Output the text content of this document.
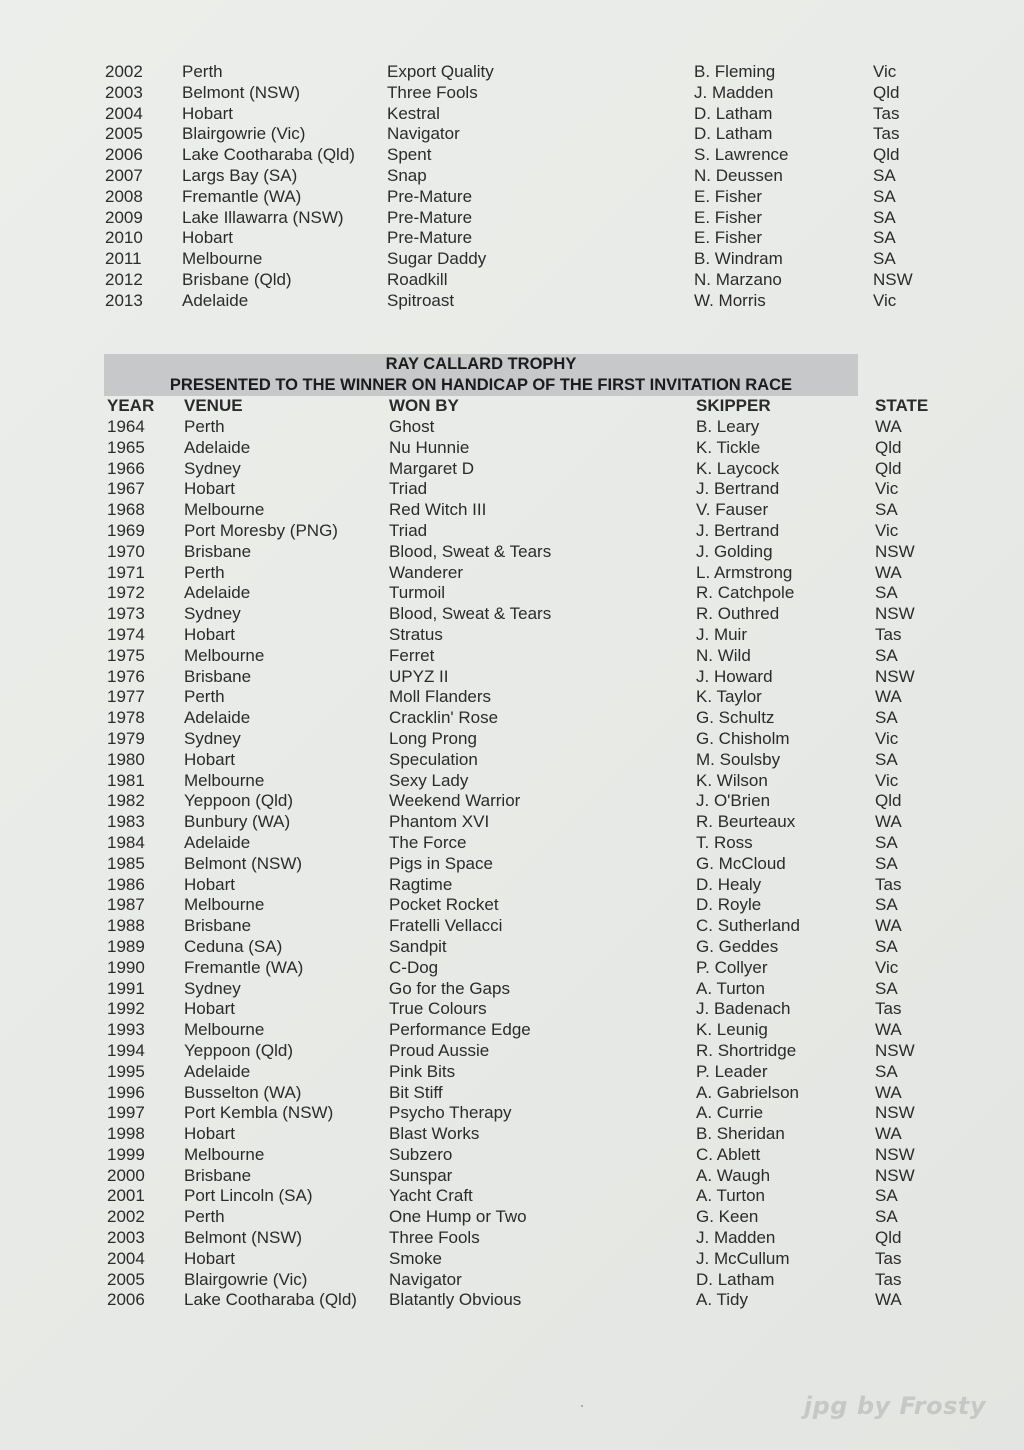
2002 Perth	Export Quality	B. Fleming	Vic
2003 Belmont (NSW)	Three Fools	J. Madden	Qld
2004 Hobart	Kestral	D. Latham	Tas
2005 Blairgowrie (Vic)	Navigator	D. Latham	Tas
2006 Lake Cootharaba (Qld) Spent	S. Lawrence	Qld
2007 Largs Bay (SA)	Snap	N. Deussen	SA
2008 Fremantle (WA)	Pre-Mature	E. Fisher	SA
2009 Lake Illawarra (NSW)	Pre-Mature	E. Fisher	SA
2010 Hobart	Pre-Mature	E. Fisher	SA
2011 Melbourne	Sugar Daddy	B. Windram	SA
2012 Brisbane (Qld)	Roadkill	N. Marzano	NSW
2013 Adelaide	Spitroast	W. Morris	Vic
RAY CALLARD TROPHY
PRESENTED TO THE WINNER ON HANDICAP OF THE FIRST INVITATION RACE
YEAR VENUE	WON BY	SKIPPER	STATE
1964 Perth	Ghost	B. Leary	WA
1965 Adelaide	Nu Hunnie	K. Tickle	Qld
1966 Sydney	Margaret D	K. Laycock	Qld
1967 Hobart	Triad	J. Bertrand	Vic
1968 Melbourne	Red Witch III	V. Fauser	SA
1969 Port Moresby (PNG)	Triad	J. Bertrand	Vic
1970 Brisbane	Blood, Sweat & Tears	J. Golding	NSW
1971 Perth	Wanderer	L. Armstrong	WA
1972 Adelaide	Turmoil	R. Catchpole	SA
1973 Sydney	Blood, Sweat & Tears	R. Outhred	NSW
1974 Hobart	Stratus	J. Muir	Tas
1975 Melbourne	Ferret	N. Wild	SA
1976 Brisbane	UPYZ II	J. Howard	NSW
1977 Perth	Moll Flanders	K. Taylor	WA
1978 Adelaide	Cracklin' Rose	G. Schultz	SA
1979 Sydney	Long Prong	G. Chisholm	Vic
1980 Hobart	Speculation	M. Soulsby	SA
1981 Melbourne	Sexy Lady	K. Wilson	Vic
1982 Yeppoon (Qld)	Weekend Warrior	J. O'Brien	Qld
1983 Bunbury (WA)	Phantom XVI	R. Beurteaux	WA
1984 Adelaide	The Force	T. Ross	SA
1985 Belmont (NSW)	Pigs in Space	G. McCloud	SA
1986 Hobart	Ragtime	D. Healy	Tas
1987 Melbourne	Pocket Rocket	D. Royle	SA
1988 Brisbane	Fratelli Vellacci	C. Sutherland	WA
1989 Ceduna (SA)	Sandpit	G. Geddes	SA
1990 Fremantle (WA)	C-Dog	P. Collyer	Vic
1991 Sydney	Go for the Gaps	A. Turton	SA
1992 Hobart	True Colours	J. Badenach	Tas
1993 Melbourne	Performance Edge	K. Leunig	WA
1994 Yeppoon (Qld)	Proud Aussie	R. Shortridge	NSW
1995 Adelaide	Pink Bits	P. Leader	SA
1996 Busselton (WA)	Bit Stiff	A. Gabrielson	WA
1997 Port Kembla (NSW)	Psycho Therapy	A. Currie	NSW
1998 Hobart	Blast Works	B. Sheridan	WA
1999 Melbourne	Subzero	C. Ablett	NSW
2000 Brisbane	Sunspar	A. Waugh	NSW
2001 Port Lincoln (SA)	Yacht Craft	A. Turton	SA
2002 Perth	One Hump or Two	G. Keen	SA
2003 Belmont (NSW)	Three Fools	J. Madden	Qld
2004 Hobart	Smoke	J. McCullum	Tas
2005 Blairgowrie (Vic)	Navigator	D. Latham	Tas
2006 Lake Cootharaba (Qld) Blatantly Obvious	A. Tidy	WA
jpg by Frosty
